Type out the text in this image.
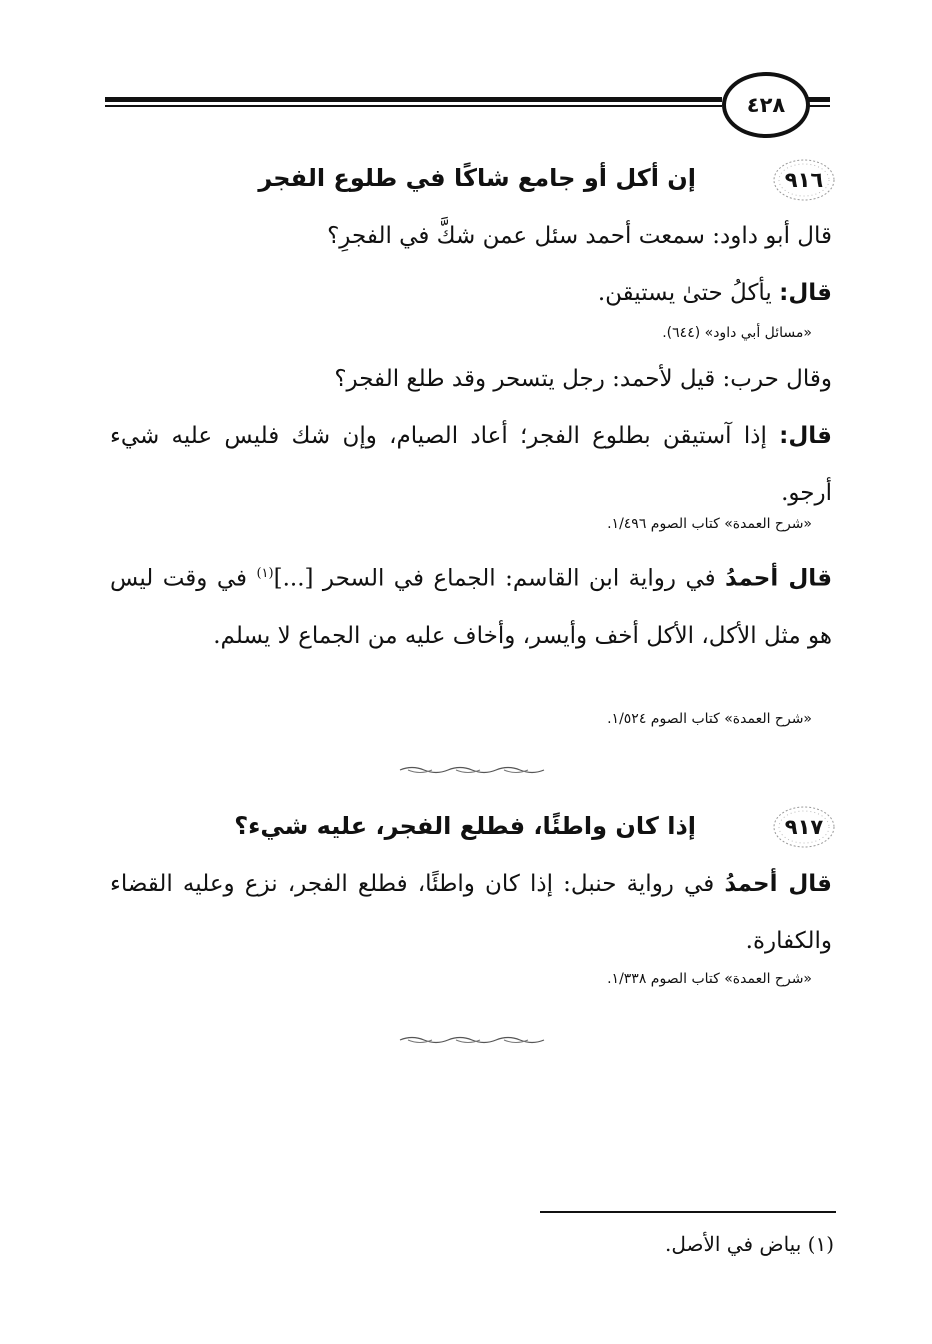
٤٢٨
٩١٦
إن أكل أو جامع شاكًا في طلوع الفجر
قال أبو داود: سمعت أحمد سئل عمن شكَّ في الفجرِ؟
قال: يأكلُ حتىٰ يستيقن.
«مسائل أبي داود» (٦٤٤).
وقال حرب: قيل لأحمد: رجل يتسحر وقد طلع الفجر؟
قال: إذا آستيقن بطلوع الفجر؛ أعاد الصيام، وإن شك فليس عليه شيء أرجو.
«شرح العمدة» كتاب الصوم ١/٤٩٦.
قال أحمدُ في رواية ابن القاسم: الجماع في السحر [...]$^{(١)}$ في وقت ليس هو مثل الأكل، الأكل أخف وأيسر، وأخاف عليه من الجماع لا يسلم.
«شرح العمدة» كتاب الصوم ١/٥٢٤.
٩١٧
إذا كان واطئًا، فطلع الفجر، عليه شيء؟
قال أحمدُ في رواية حنبل: إذا كان واطئًا، فطلع الفجر، نزع وعليه القضاء والكفارة.
«شرح العمدة» كتاب الصوم ١/٣٣٨.
(١) بياض في الأصل.
